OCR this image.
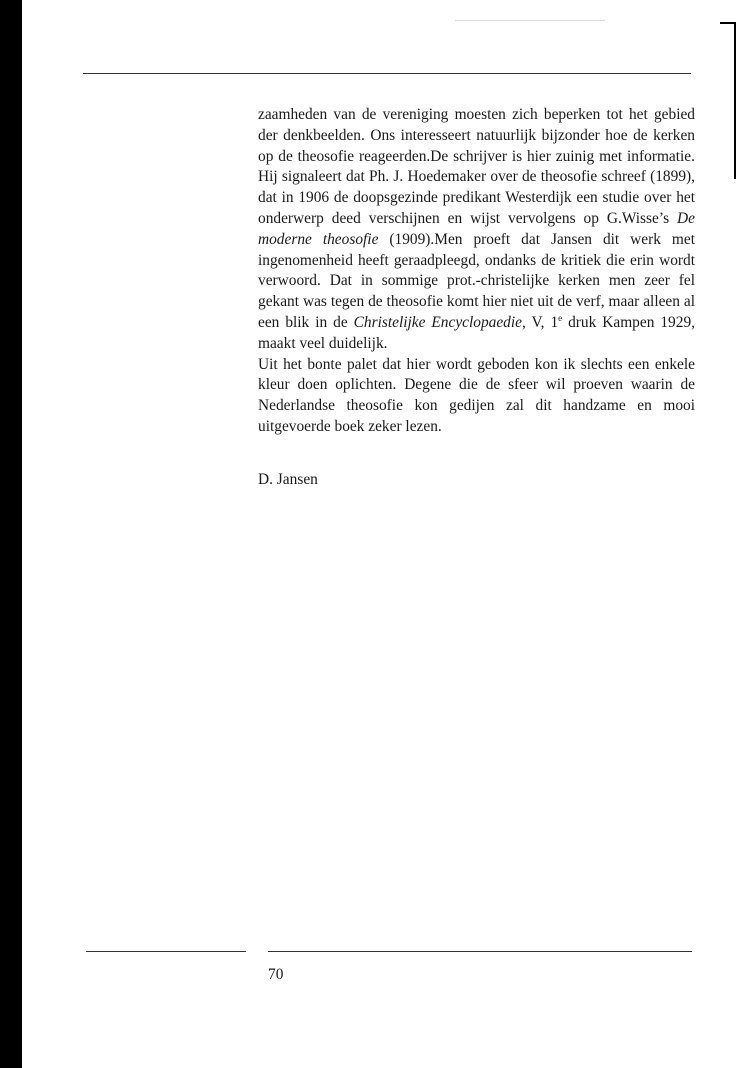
zaamheden van de vereniging moesten zich beperken tot het gebied der denkbeelden. Ons interesseert natuurlijk bijzonder hoe de kerken op de theosofie reageerden.De schrijver is hier zuinig met informatie. Hij signaleert dat Ph. J. Hoedemaker over de theosofie schreef (1899), dat in 1906 de doopsgezinde predikant Westerdijk een studie over het onderwerp deed verschijnen en wijst vervolgens op G.Wisse’s De moderne theosofie (1909).Men proeft dat Jansen dit werk met ingenomenheid heeft geraadpleegd, ondanks de kritiek die erin wordt verwoord. Dat in sommige prot.-christelijke kerken men zeer fel gekant was tegen de theosofie komt hier niet uit de verf, maar alleen al een blik in de Christelijke Encyclopaedie, V, 1e druk Kampen 1929, maakt veel duidelijk.

Uit het bonte palet dat hier wordt geboden kon ik slechts een enkele kleur doen oplichten. Degene die de sfeer wil proeven waarin de Nederlandse theosofie kon gedijen zal dit handzame en mooi uitgevoerde boek zeker lezen.

D. Jansen
70
